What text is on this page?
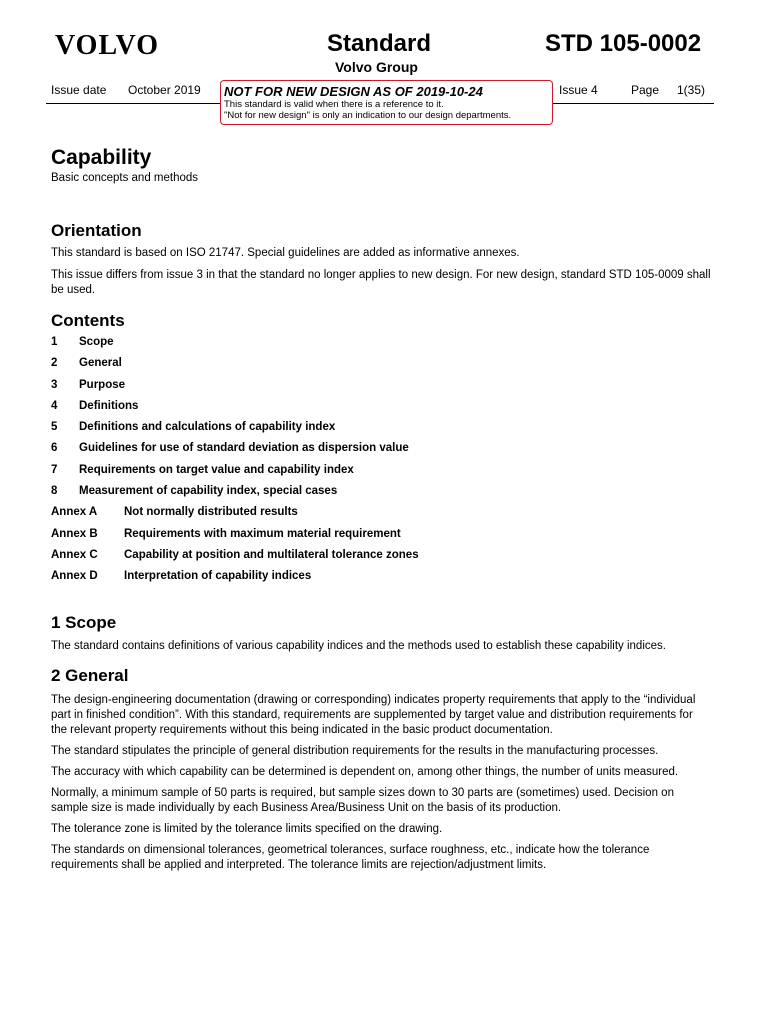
VOLVO	Standard	STD 105-0002
Volvo Group
Issue date October 2019	Issue 4	Page 1(35)
NOT FOR NEW DESIGN AS OF 2019-10-24
This standard is valid when there is a reference to it.
"Not for new design" is only an indication to our design departments.
Capability
Basic concepts and methods
Orientation

This standard is based on ISO 21747. Special guidelines are added as informative annexes.

This issue differs from issue 3 in that the standard no longer applies to new design. For new design, standard STD 105-0009 shall be used.

Contents
1	Scope
2	General
3	Purpose
4	Definitions
5	Definitions and calculations of capability index
6	Guidelines for use of standard deviation as dispersion value
7	Requirements on target value and capability index
8	Measurement of capability index, special cases
Annex A	Not normally distributed results
Annex B	Requirements with maximum material requirement
Annex C	Capability at position and multilateral tolerance zones
Annex D	Interpretation of capability indices
1 Scope

The standard contains definitions of various capability indices and the methods used to establish these capability indices.

2 General

The design-engineering documentation (drawing or corresponding) indicates property requirements that apply to the “individual part in finished condition”. With this standard, requirements are supplemented by target value and distribution requirements for the relevant property requirements without this being indicated in the basic product documentation.

The standard stipulates the principle of general distribution requirements for the results in the manufacturing processes.

The accuracy with which capability can be determined is dependent on, among other things, the number of units measured.

Normally, a minimum sample of 50 parts is required, but sample sizes down to 30 parts are (sometimes) used. Decision on sample size is made individually by each Business Area/Business Unit on the basis of its production.

The tolerance zone is limited by the tolerance limits specified on the drawing.

The standards on dimensional tolerances, geometrical tolerances, surface roughness, etc., indicate how the tolerance requirements shall be applied and interpreted. The tolerance limits are rejection/adjustment limits.
